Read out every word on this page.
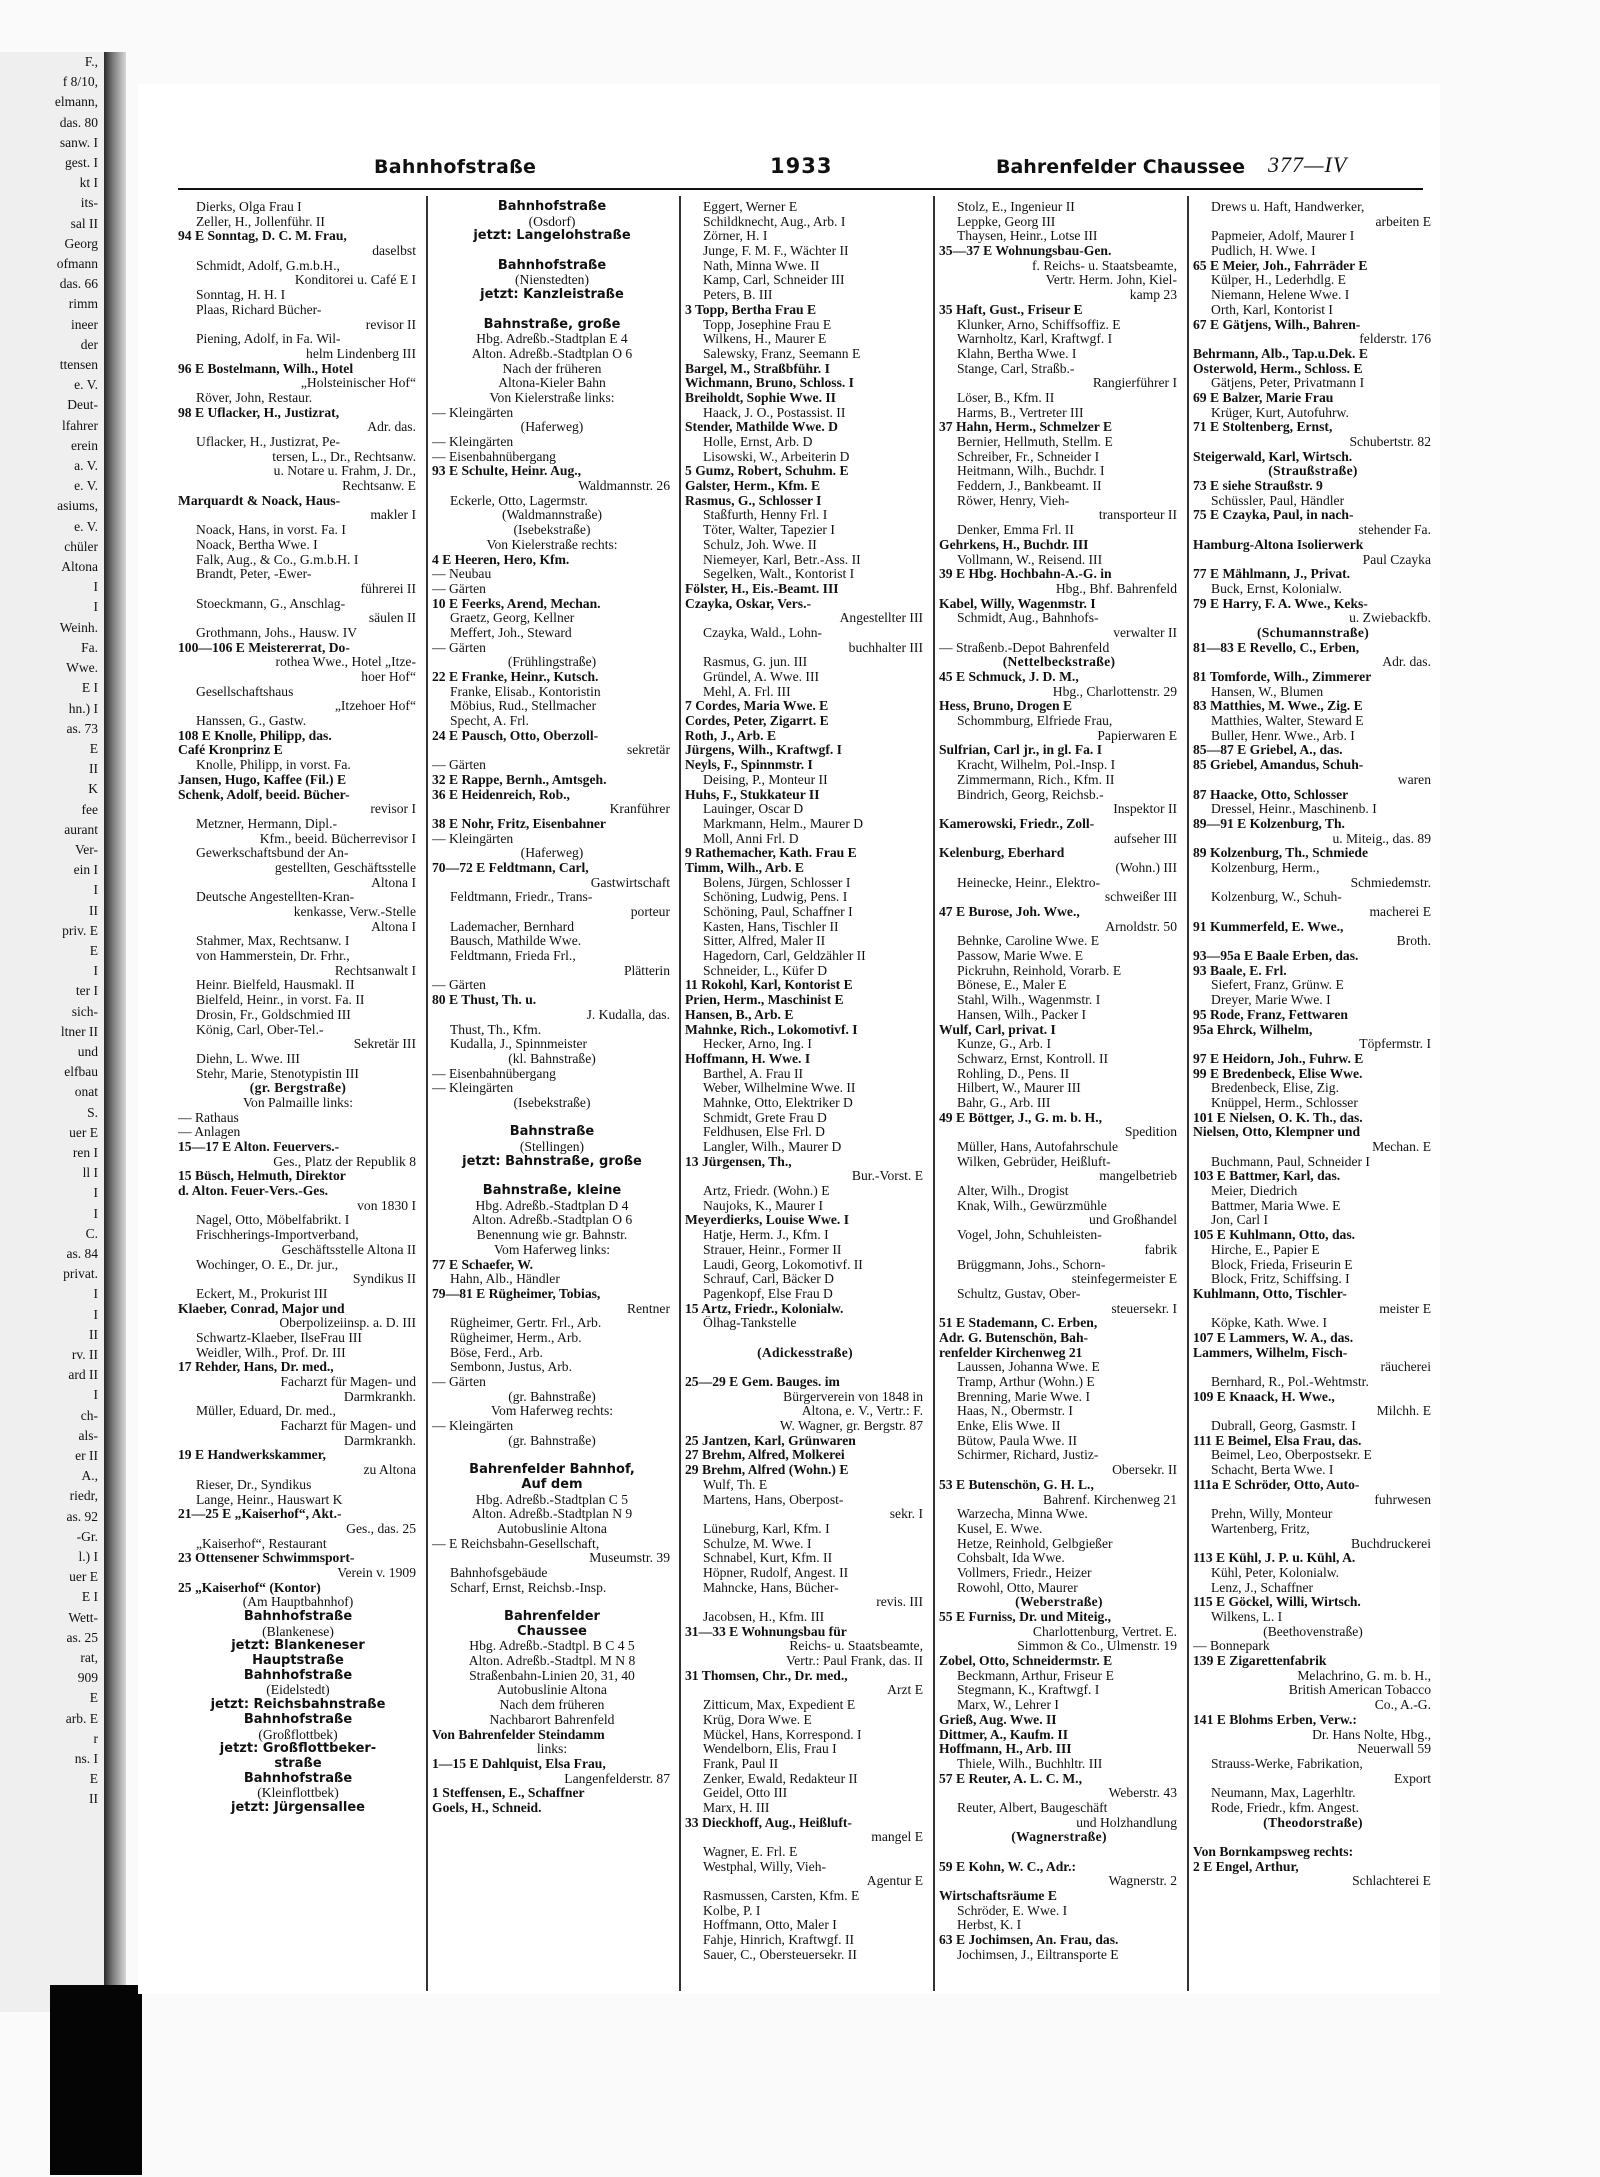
F.,
f 8/10,
elmann,
das. 80
sanw. I
gest. I
kt I
its-
sal II
Georg
ofmann
das. 66
rimm
ineer
der
ttensen
e. V.
Deut-
lfahrer
erein
a. V.
e. V.
asiums,
e. V.
chüler
Altona
I
I
Weinh.
Fa.
Wwe.
E I
hn.) I
as. 73
E
II
K
fee
aurant
Ver-
ein I
I
II
priv. E
E
I
ter I
sich-
ltner II
und
elfbau
onat
S.
uer E
ren I
ll I
I
I
C.
as. 84
privat.
I
I
II
rv. II
ard II
I
ch-
als-
er II
A.,
riedr,
as. 92
-Gr.
l.) I
uer E
E I
Wett-
as. 25
rat,
909
E
arb. E
r
ns. I
E
II
Bahnhofstraße	1933	Bahrenfelder Chaussee 377—IV
Dierks, Olga Frau I
Zeller, H., Jollenführ. II
94 E Sonntag, D. C. M. Frau,
daselbst
Schmidt, Adolf, G.m.b.H.,
Konditorei u. Café E I
Sonntag, H. H. I
Plaas, Richard Bücher-
revisor II
Piening, Adolf, in Fa. Wil-
helm Lindenberg III
96 E Bostelmann, Wilh., Hotel
„Holsteinischer Hof“
Röver, John, Restaur.
98 E Uflacker, H., Justizrat,
Adr. das.
Uflacker, H., Justizrat, Pe-
tersen, L., Dr., Rechtsanw.
u. Notare u. Frahm, J. Dr.,
Rechtsanw. E
Marquardt & Noack, Haus-
makler I
Noack, Hans, in vorst. Fa. I
Noack, Bertha Wwe. I
Falk, Aug., & Co., G.m.b.H. I
Brandt, Peter, -Ewer-
führerei II
Stoeckmann, G., Anschlag-
säulen II
Grothmann, Johs., Hausw. IV
100—106 E Meistererrat, Do-
rothea Wwe., Hotel „Itze-
hoer Hof“
Gesellschaftshaus
„Itzehoer Hof“
Hanssen, G., Gastw.
108 E Knolle, Philipp, das.
Café Kronprinz E
Knolle, Philipp, in vorst. Fa.
Jansen, Hugo, Kaffee (Fil.) E
Schenk, Adolf, beeid. Bücher-
revisor I
Metzner, Hermann, Dipl.-
Kfm., beeid. Bücherrevisor I
Gewerkschaftsbund der An-
gestellten, Geschäftsstelle
Altona I
Deutsche Angestellten-Kran-
kenkasse, Verw.-Stelle
Altona I
Stahmer, Max, Rechtsanw. I
von Hammerstein, Dr. Frhr.,
Rechtsanwalt I
Heinr. Bielfeld, Hausmakl. II
Bielfeld, Heinr., in vorst. Fa. II
Drosin, Fr., Goldschmied III
König, Carl, Ober-Tel.-
Sekretär III
Diehn, L. Wwe. III
Stehr, Marie, Stenotypistin III
(gr. Bergstraße)
Von Palmaille links:
— Rathaus
— Anlagen
15—17 E Alton. Feuervers.-
Ges., Platz der Republik 8
15 Büsch, Helmuth, Direktor
d. Alton. Feuer-Vers.-Ges.
von 1830 I
Nagel, Otto, Möbelfabrikt. I
Frischherings-Importverband,
Geschäftsstelle Altona II
Wochinger, O. E., Dr. jur.,
Syndikus II
Eckert, M., Prokurist III
Klaeber, Conrad, Major und
Oberpolizeiinsp. a. D. III
Schwartz-Klaeber, IlseFrau III
Weidler, Wilh., Prof. Dr. III
17 Rehder, Hans, Dr. med.,
Facharzt für Magen- und
Darmkrankh.
Müller, Eduard, Dr. med.,
Facharzt für Magen- und
Darmkrankh.
19 E Handwerkskammer,
zu Altona
Rieser, Dr., Syndikus
Lange, Heinr., Hauswart K
21—25 E „Kaiserhof“, Akt.-
Ges., das. 25
„Kaiserhof“, Restaurant
23 Ottensener Schwimmsport-
Verein v. 1909
25 „Kaiserhof“ (Kontor)
(Am Hauptbahnhof)
Bahnhofstraße
(Blankenese)
jetzt: Blankeneser
Hauptstraße
Bahnhofstraße
(Eidelstedt)
jetzt: Reichsbahnstraße
Bahnhofstraße
(Großflottbek)
jetzt: Großflottbeker-
straße
Bahnhofstraße
(Kleinflottbek)
jetzt: Jürgensallee
Bahnhofstraße
(Osdorf)
jetzt: Langelohstraße
Bahnhofstraße
(Nienstedten)
jetzt: Kanzleistraße
Bahnstraße, große
Hbg. Adreßb.-Stadtplan E 4
Alton. Adreßb.-Stadtplan O 6
Nach der früheren
Altona-Kieler Bahn
Von Kielerstraße links:
— Kleingärten
(Haferweg)
— Kleingärten
— Eisenbahnübergang
93 E Schulte, Heinr. Aug.,
Waldmannstr. 26
Eckerle, Otto, Lagermstr.
(Waldmannstraße)
(Isebekstraße)
Von Kielerstraße rechts:
4 E Heeren, Hero, Kfm.
— Neubau
— Gärten
10 E Feerks, Arend, Mechan.
Graetz, Georg, Kellner
Meffert, Joh., Steward
— Gärten
(Frühlingstraße)
22 E Franke, Heinr., Kutsch.
Franke, Elisab., Kontoristin
Möbius, Rud., Stellmacher
Specht, A. Frl.
24 E Pausch, Otto, Oberzoll-
sekretär
— Gärten
32 E Rappe, Bernh., Amtsgeh.
36 E Heidenreich, Rob.,
Kranführer
38 E Nohr, Fritz, Eisenbahner
— Kleingärten
(Haferweg)
70—72 E Feldtmann, Carl,
Gastwirtschaft
Feldtmann, Friedr., Trans-
porteur
Lademacher, Bernhard
Bausch, Mathilde Wwe.
Feldtmann, Frieda Frl.,
Plätterin
— Gärten
80 E Thust, Th. u.
J. Kudalla, das.
Thust, Th., Kfm.
Kudalla, J., Spinnmeister
(kl. Bahnstraße)
— Eisenbahnübergang
— Kleingärten
(Isebekstraße)
Bahnstraße
(Stellingen)
jetzt: Bahnstraße, große
Bahnstraße, kleine
Hbg. Adreßb.-Stadtplan D 4
Alton. Adreßb.-Stadtplan O 6
Benennung wie gr. Bahnstr.
Vom Haferweg links:
77 E Schaefer, W.
Hahn, Alb., Händler
79—81 E Rügheimer, Tobias,
Rentner
Rügheimer, Gertr. Frl., Arb.
Rügheimer, Herm., Arb.
Böse, Ferd., Arb.
Sembonn, Justus, Arb.
— Gärten
(gr. Bahnstraße)
Vom Haferweg rechts:
— Kleingärten
(gr. Bahnstraße)
Bahrenfelder Bahnhof,
Auf dem
Hbg. Adreßb.-Stadtplan C 5
Alton. Adreßb.-Stadtplan N 9
Autobuslinie Altona
— E Reichsbahn-Gesellschaft,
Museumstr. 39
Bahnhofsgebäude
Scharf, Ernst, Reichsb.-Insp.
Bahrenfelder
Chaussee
Hbg. Adreßb.-Stadtpl. B C 4 5
Alton. Adreßb.-Stadtpl. M N 8
Straßenbahn-Linien 20, 31, 40
Autobuslinie Altona
Nach dem früheren
Nachbarort Bahrenfeld
Von Bahrenfelder Steindamm
links:
1—15 E Dahlquist, Elsa Frau,
Langenfelderstr. 87
1 Steffensen, E., Schaffner
Goels, H., Schneid.
Eggert, Werner E
Schildknecht, Aug., Arb. I
Zörner, H. I
Junge, F. M. F., Wächter II
Nath, Minna Wwe. II
Kamp, Carl, Schneider III
Peters, B. III
3 Topp, Bertha Frau E
Topp, Josephine Frau E
Wilkens, H., Maurer E
Salewsky, Franz, Seemann E
Bargel, M., Straßbführ. I
Wichmann, Bruno, Schloss. I
Breiholdt, Sophie Wwe. II
Haack, J. O., Postassist. II
Stender, Mathilde Wwe. D
Holle, Ernst, Arb. D
Lisowski, W., Arbeiterin D
5 Gumz, Robert, Schuhm. E
Galster, Herm., Kfm. E
Rasmus, G., Schlosser I
Staßfurth, Henny Frl. I
Töter, Walter, Tapezier I
Schulz, Joh. Wwe. II
Niemeyer, Karl, Betr.-Ass. II
Segelken, Walt., Kontorist I
Fölster, H., Eis.-Beamt. III
Czayka, Oskar, Vers.-
Angestellter III
Czayka, Wald., Lohn-
buchhalter III
Rasmus, G. jun. III
Gründel, A. Wwe. III
Mehl, A. Frl. III
7 Cordes, Maria Wwe. E
Cordes, Peter, Zigarrt. E
Roth, J., Arb. E
Jürgens, Wilh., Kraftwgf. I
Neyls, F., Spinnmstr. I
Deising, P., Monteur II
Huhs, F., Stukkateur II
Lauinger, Oscar D
Markmann, Helm., Maurer D
Moll, Anni Frl. D
9 Rathemacher, Kath. Frau E
Timm, Wilh., Arb. E
Bolens, Jürgen, Schlosser I
Schöning, Ludwig, Pens. I
Schöning, Paul, Schaffner I
Kasten, Hans, Tischler II
Sitter, Alfred, Maler II
Hagedorn, Carl, Geldzähler II
Schneider, L., Küfer D
11 Rokohl, Karl, Kontorist E
Prien, Herm., Maschinist E
Hansen, B., Arb. E
Mahnke, Rich., Lokomotivf. I
Hecker, Arno, Ing. I
Hoffmann, H. Wwe. I
Barthel, A. Frau II
Weber, Wilhelmine Wwe. II
Mahnke, Otto, Elektriker D
Schmidt, Grete Frau D
Feldhusen, Else Frl. D
Langler, Wilh., Maurer D
13 Jürgensen, Th.,
Bur.-Vorst. E
Artz, Friedr. (Wohn.) E
Naujoks, K., Maurer I
Meyerdierks, Louise Wwe. I
Hatje, Herm. J., Kfm. I
Strauer, Heinr., Former II
Laudi, Georg, Lokomotivf. II
Schrauf, Carl, Bäcker D
Pagenkopf, Else Frau D
15 Artz, Friedr., Kolonialw.
Ölhag-Tankstelle
(Adickesstraße)
25—29 E Gem. Bauges. im
Bürgerverein von 1848 in
Altona, e. V., Vertr.: F.
W. Wagner, gr. Bergstr. 87
25 Jantzen, Karl, Grünwaren
27 Brehm, Alfred, Molkerei
29 Brehm, Alfred (Wohn.) E
Wulf, Th. E
Martens, Hans, Oberpost-
sekr. I
Lüneburg, Karl, Kfm. I
Schulze, M. Wwe. I
Schnabel, Kurt, Kfm. II
Höpner, Rudolf, Angest. II
Mahncke, Hans, Bücher-
revis. III
Jacobsen, H., Kfm. III
31—33 E Wohnungsbau für
Reichs- u. Staatsbeamte,
Vertr.: Paul Frank, das. II
31 Thomsen, Chr., Dr. med.,
Arzt E
Zitticum, Max, Expedient E
Krüg, Dora Wwe. E
Mückel, Hans, Korrespond. I
Wendelborn, Elis, Frau I
Frank, Paul II
Zenker, Ewald, Redakteur II
Geidel, Otto III
Marx, H. III
33 Dieckhoff, Aug., Heißluft-
mangel E
Wagner, E. Frl. E
Westphal, Willy, Vieh-
Agentur E
Rasmussen, Carsten, Kfm. E
Kolbe, P. I
Hoffmann, Otto, Maler I
Fahje, Hinrich, Kraftwgf. II
Sauer, C., Obersteuersekr. II
Stolz, E., Ingenieur II
Leppke, Georg III
Thaysen, Heinr., Lotse III
35—37 E Wohnungsbau-Gen.
f. Reichs- u. Staatsbeamte,
Vertr. Herm. John, Kiel-
kamp 23
35 Haft, Gust., Friseur E
Klunker, Arno, Schiffsoffiz. E
Warnholtz, Karl, Kraftwgf. I
Klahn, Bertha Wwe. I
Stange, Carl, Straßb.-
Rangierführer I
Löser, B., Kfm. II
Harms, B., Vertreter III
37 Hahn, Herm., Schmelzer E
Bernier, Hellmuth, Stellm. E
Schreiber, Fr., Schneider I
Heitmann, Wilh., Buchdr. I
Feddern, J., Bankbeamt. II
Röwer, Henry, Vieh-
transporteur II
Denker, Emma Frl. II
Gehrkens, H., Buchdr. III
Vollmann, W., Reisend. III
39 E Hbg. Hochbahn-A.-G. in
Hbg., Bhf. Bahrenfeld
Kabel, Willy, Wagenmstr. I
Schmidt, Aug., Bahnhofs-
verwalter II
— Straßenb.-Depot Bahrenfeld
(Nettelbeckstraße)
45 E Schmuck, J. D. M.,
Hbg., Charlottenstr. 29
Hess, Bruno, Drogen E
Schommburg, Elfriede Frau,
Papierwaren E
Sulfrian, Carl jr., in gl. Fa. I
Kracht, Wilhelm, Pol.-Insp. I
Zimmermann, Rich., Kfm. II
Bindrich, Georg, Reichsb.-
Inspektor II
Kamerowski, Friedr., Zoll-
aufseher III
Kelenburg, Eberhard
(Wohn.) III
Heinecke, Heinr., Elektro-
schweißer III
47 E Burose, Joh. Wwe.,
Arnoldstr. 50
Behnke, Caroline Wwe. E
Passow, Marie Wwe. E
Pickruhn, Reinhold, Vorarb. E
Bönese, E., Maler E
Stahl, Wilh., Wagenmstr. I
Hansen, Wilh., Packer I
Wulf, Carl, privat. I
Kunze, G., Arb. I
Schwarz, Ernst, Kontroll. II
Rohling, D., Pens. II
Hilbert, W., Maurer III
Bahr, G., Arb. III
49 E Böttger, J., G. m. b. H.,
Spedition
Müller, Hans, Autofahrschule
Wilken, Gebrüder, Heißluft-
mangelbetrieb
Alter, Wilh., Drogist
Knak, Wilh., Gewürzmühle
und Großhandel
Vogel, John, Schuhleisten-
fabrik
Brüggmann, Johs., Schorn-
steinfegermeister E
Schultz, Gustav, Ober-
steuersekr. I
51 E Stademann, C. Erben,
Adr. G. Butenschön, Bah-
renfelder Kirchenweg 21
Laussen, Johanna Wwe. E
Tramp, Arthur (Wohn.) E
Brenning, Marie Wwe. I
Haas, N., Obermstr. I
Enke, Elis Wwe. II
Bütow, Paula Wwe. II
Schirmer, Richard, Justiz-
Obersekr. II
53 E Butenschön, G. H. L.,
Bahrenf. Kirchenweg 21
Warzecha, Minna Wwe.
Kusel, E. Wwe.
Hetze, Reinhold, Gelbgießer
Cohsbalt, Ida Wwe.
Vollmers, Friedr., Heizer
Rowohl, Otto, Maurer
(Weberstraße)
55 E Furniss, Dr. und Miteig.,
Charlottenburg, Vertret. E.
Simmon & Co., Ulmenstr. 19
Zobel, Otto, Schneidermstr. E
Beckmann, Arthur, Friseur E
Stegmann, K., Kraftwgf. I
Marx, W., Lehrer I
Grieß, Aug. Wwe. II
Dittmer, A., Kaufm. II
Hoffmann, H., Arb. III
Thiele, Wilh., Buchhltr. III
57 E Reuter, A. L. C. M.,
Weberstr. 43
Reuter, Albert, Baugeschäft
und Holzhandlung
(Wagnerstraße)
59 E Kohn, W. C., Adr.:
Wagnerstr. 2
Wirtschaftsräume E
Schröder, E. Wwe. I
Herbst, K. I
63 E Jochimsen, An. Frau, das.
Jochimsen, J., Eiltransporte E
Drews u. Haft, Handwerker,
arbeiten E
Papmeier, Adolf, Maurer I
Pudlich, H. Wwe. I
65 E Meier, Joh., Fahrräder E
Külper, H., Lederhdlg. E
Niemann, Helene Wwe. I
Orth, Karl, Kontorist I
67 E Gätjens, Wilh., Bahren-
felderstr. 176
Behrmann, Alb., Tap.u.Dek. E
Osterwold, Herm., Schloss. E
Gätjens, Peter, Privatmann I
69 E Balzer, Marie Frau
Krüger, Kurt, Autofuhrw.
71 E Stoltenberg, Ernst,
Schubertstr. 82
Steigerwald, Karl, Wirtsch.
(Straußstraße)
73 E siehe Straußstr. 9
Schüssler, Paul, Händler
75 E Czayka, Paul, in nach-
stehender Fa.
Hamburg-Altona Isolierwerk
Paul Czayka
77 E Mählmann, J., Privat.
Buck, Ernst, Kolonialw.
79 E Harry, F. A. Wwe., Keks-
u. Zwiebackfb.
(Schumannstraße)
81—83 E Revello, C., Erben,
Adr. das.
81 Tomforde, Wilh., Zimmerer
Hansen, W., Blumen
83 Matthies, M. Wwe., Zig. E
Matthies, Walter, Steward E
Buller, Henr. Wwe., Arb. I
85—87 E Griebel, A., das.
85 Griebel, Amandus, Schuh-
waren
87 Haacke, Otto, Schlosser
Dressel, Heinr., Maschinenb. I
89—91 E Kolzenburg, Th.
u. Miteig., das. 89
89 Kolzenburg, Th., Schmiede
Kolzenburg, Herm.,
Schmiedemstr.
Kolzenburg, W., Schuh-
macherei E
91 Kummerfeld, E. Wwe.,
Broth.
93—95a E Baale Erben, das.
93 Baale, E. Frl.
Siefert, Franz, Grünw. E
Dreyer, Marie Wwe. I
95 Rode, Franz, Fettwaren
95a Ehrck, Wilhelm,
Töpfermstr. I
97 E Heidorn, Joh., Fuhrw. E
99 E Bredenbeck, Elise Wwe.
Bredenbeck, Elise, Zig.
Knüppel, Herm., Schlosser
101 E Nielsen, O. K. Th., das.
Nielsen, Otto, Klempner und
Mechan. E
Buchmann, Paul, Schneider I
103 E Battmer, Karl, das.
Meier, Diedrich
Battmer, Maria Wwe. E
Jon, Carl I
105 E Kuhlmann, Otto, das.
Hirche, E., Papier E
Block, Frieda, Friseurin E
Block, Fritz, Schiffsing. I
Kuhlmann, Otto, Tischler-
meister E
Köpke, Kath. Wwe. I
107 E Lammers, W. A., das.
Lammers, Wilhelm, Fisch-
räucherei
Bernhard, R., Pol.-Wehtmstr.
109 E Knaack, H. Wwe.,
Milchh. E
Dubrall, Georg, Gasmstr. I
111 E Beimel, Elsa Frau, das.
Beimel, Leo, Oberpostsekr. E
Schacht, Berta Wwe. I
111a E Schröder, Otto, Auto-
fuhrwesen
Prehn, Willy, Monteur
Wartenberg, Fritz,
Buchdruckerei
113 E Kühl, J. P. u. Kühl, A.
Kühl, Peter, Kolonialw.
Lenz, J., Schaffner
115 E Göckel, Willi, Wirtsch.
Wilkens, L. I
(Beethovenstraße)
— Bonnepark
139 E Zigarettenfabrik
Melachrino, G. m. b. H.,
British American Tobacco
Co., A.-G.
141 E Blohms Erben, Verw.:
Dr. Hans Nolte, Hbg.,
Neuerwall 59
Strauss-Werke, Fabrikation,
Export
Neumann, Max, Lagerhltr.
Rode, Friedr., kfm. Angest.
(Theodorstraße)
Von Bornkampsweg rechts:
2 E Engel, Arthur,
Schlachterei E
